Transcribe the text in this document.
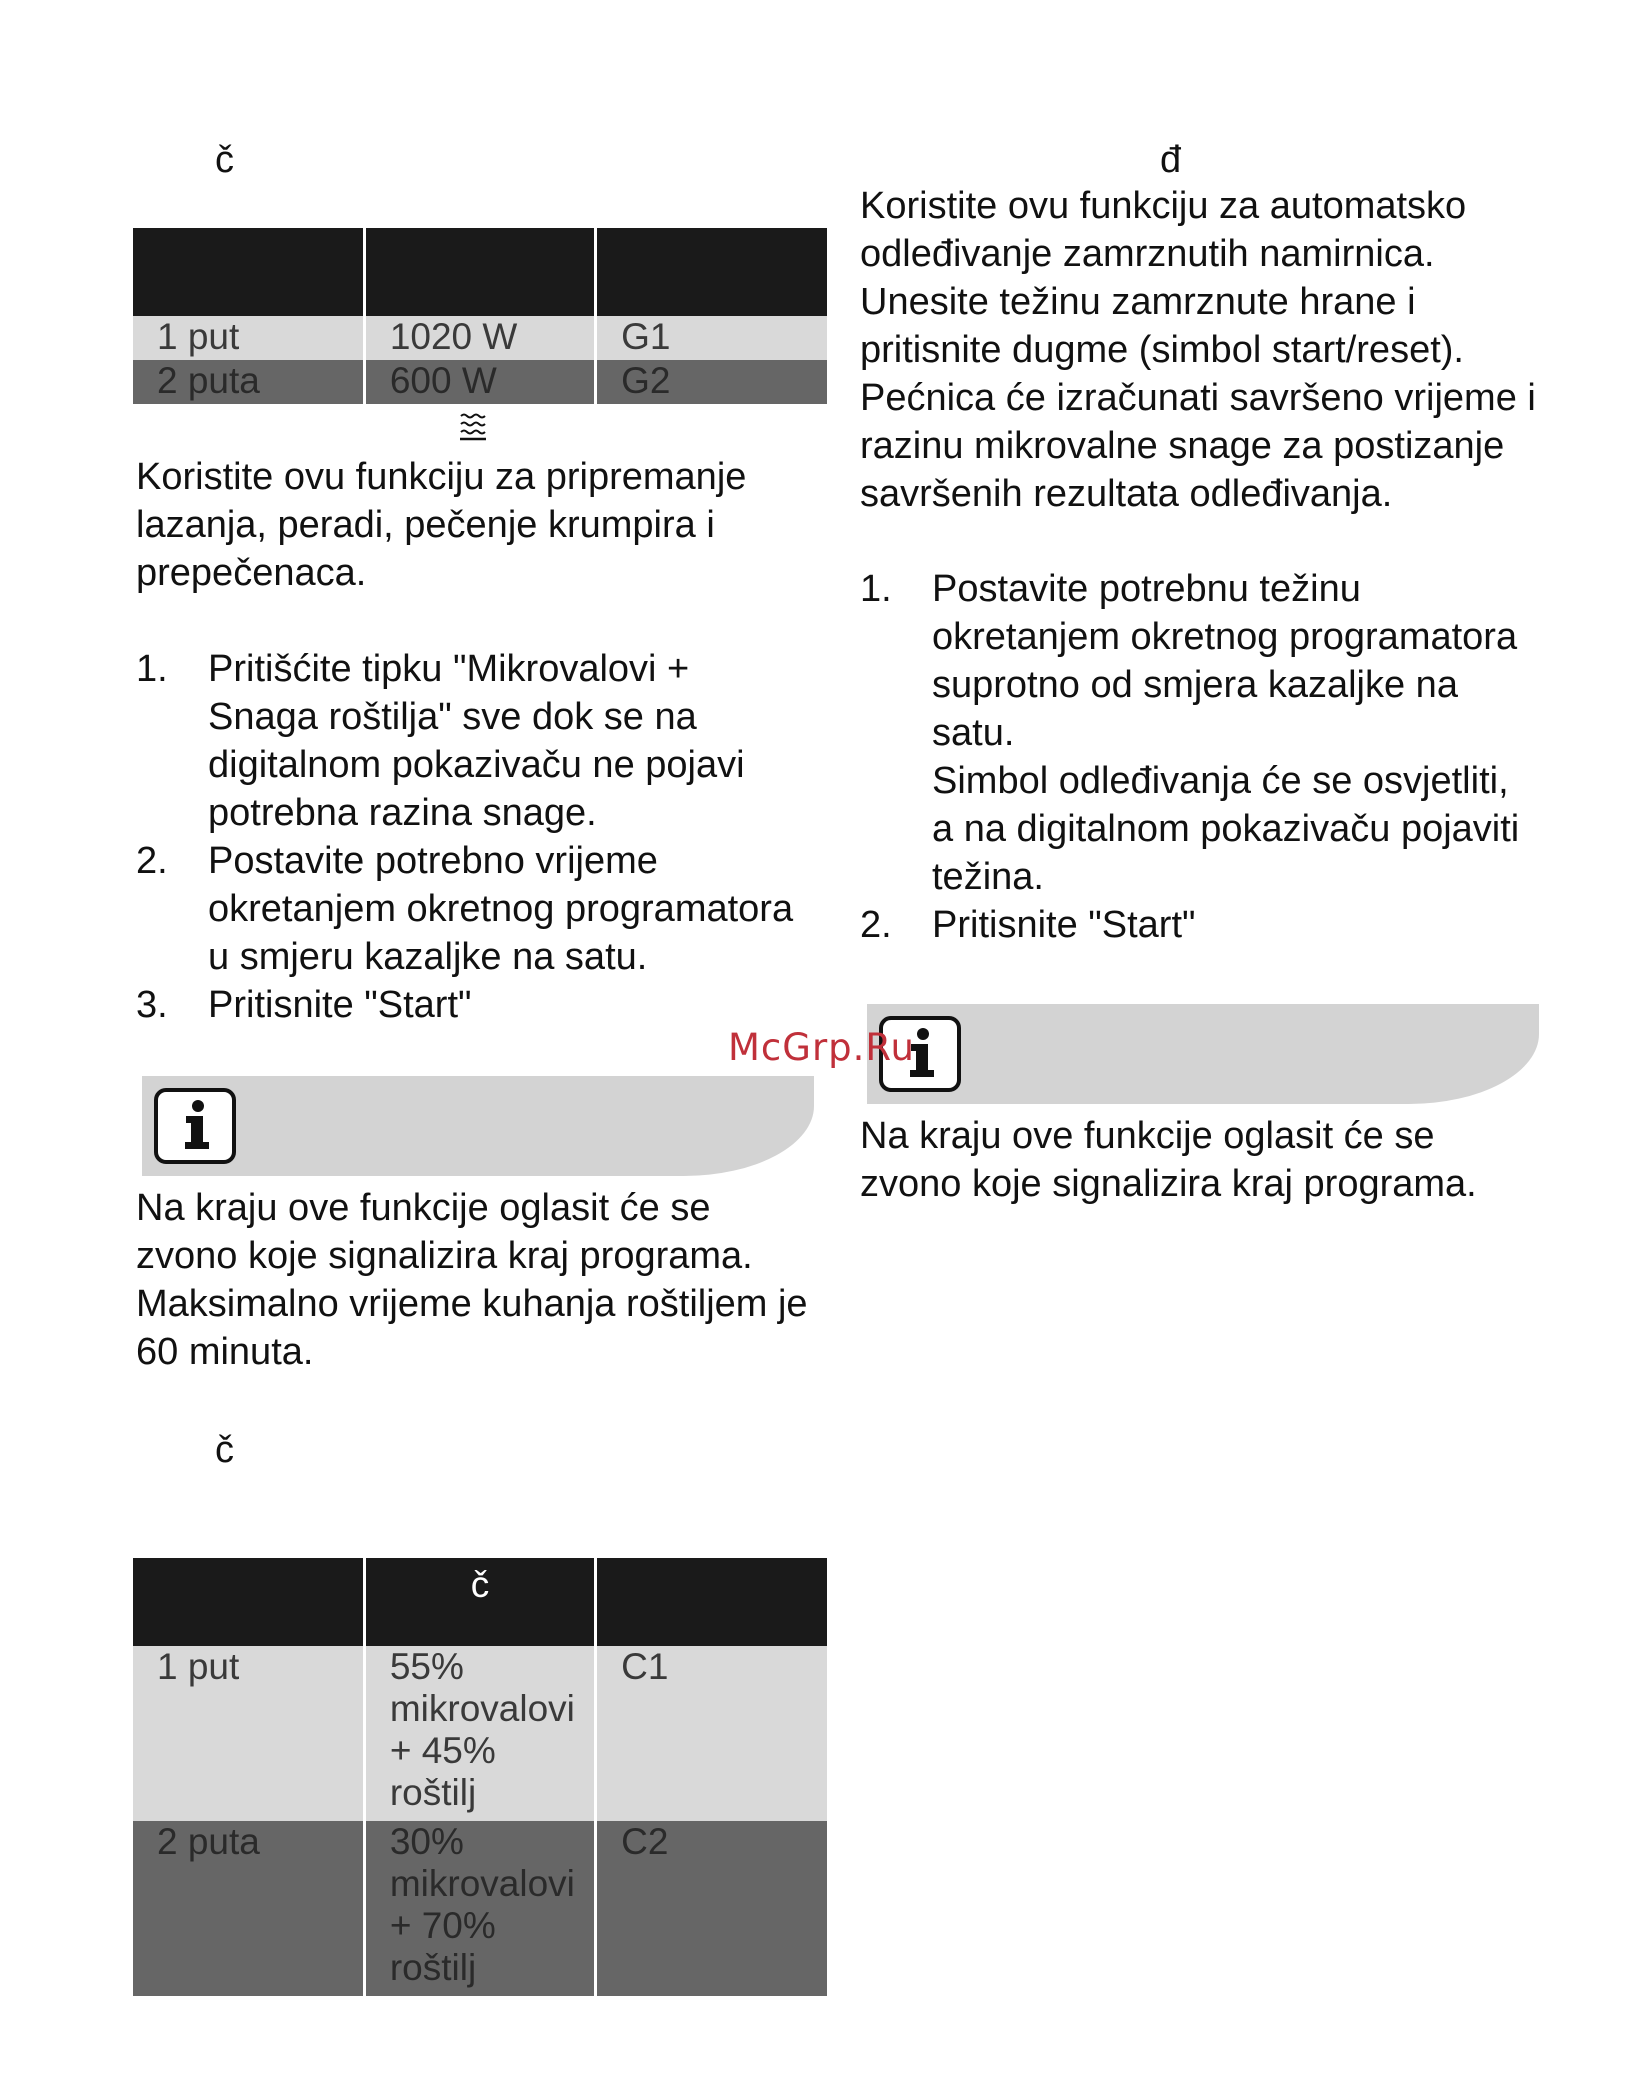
č

1 put	1020 W	G1
2 puta	600 W	G2

Koristite ovu funkciju za pripremanje

lazanja, peradi, pečenje krumpira i

prepečenaca.

1. Pritišćite tipku "Mikrovalovi +
Snaga roštilja" sve dok se na
digitalnom pokazivaču ne pojavi
potrebna razina snage.
2. Postavite potrebno vrijeme
okretanjem okretnog programatora
u smjeru kazaljke na satu.
3. Pritisnite "Start"

Na kraju ove funkcije oglasit će se

zvono koje signalizira kraj programa.

Maksimalno vrijeme kuhanja roštiljem je

60 minuta.

č
	č	
1 put	55% mikrovalovi + 45% roštilj	C1
2 puta	30% mikrovalovi + 70% roštilj	C2
đ

Koristite ovu funkciju za automatsko

odleđivanje zamrznutih namirnica.

Unesite težinu zamrznute hrane i

pritisnite dugme (simbol start/reset).

Pećnica će izračunati savršeno vrijeme i

razinu mikrovalne snage za postizanje

savršenih rezultata odleđivanja.

1. Postavite potrebnu težinu
okretanjem okretnog programatora
suprotno od smjera kazaljke na
satu.
Simbol odleđivanja će se osvjetliti,
a na digitalnom pokazivaču pojaviti
težina.
2. Pritisnite "Start"

Na kraju ove funkcije oglasit će se

zvono koje signalizira kraj programa.

McGrp.Ru
